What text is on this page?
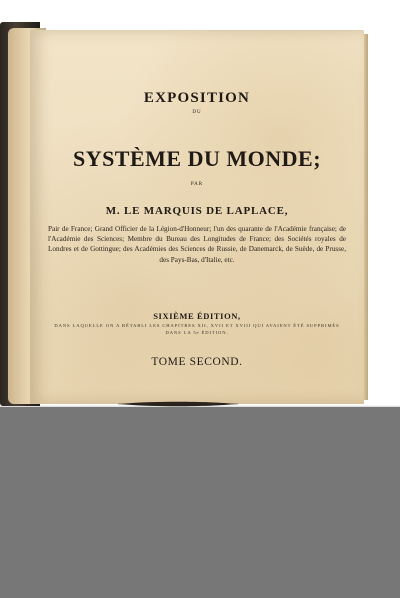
EXPOSITION
DU
SYSTÈME DU MONDE;
PAR
M. LE MARQUIS DE LAPLACE,
Pair de France; Grand Officier de la Légion-d'Honneur; l'un des quarante de l'Académie française; de l'Académie des Sciences; Membre du Bureau des Longitudes de France; des Sociétés royales de Londres et de Gottingue; des Académies des Sciences de Russie, de Danemarck, de Suède, de Prusse, des Pays-Bas, d'Italie, etc.
SIXIÈME ÉDITION,
DANS LAQUELLE ON A RÉTABLI LES CHAPITRES XII, XVII ET XVIII QUI AVAIENT ÉTÉ SUPPRIMÉS DANS LA 5e ÉDITION.
TOME SECOND.
